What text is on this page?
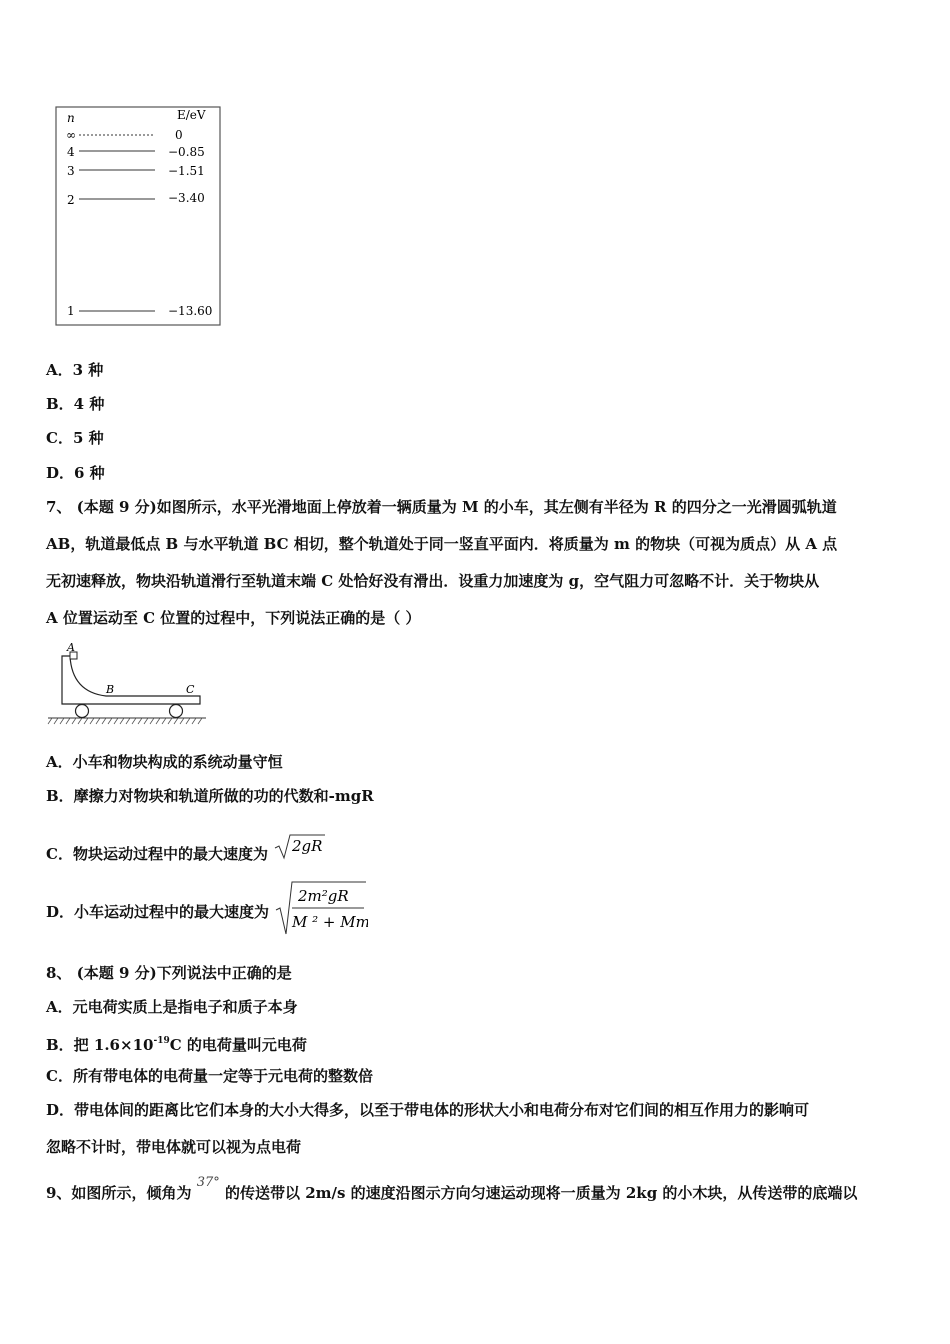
n	E/eV
∞	0
4	−0.85
3	−1.51
2	−3.40
1	−13.60
A．3 种
B．4 种
C．5 种
D．6 种
7、 (本题 9 分)如图所示，水平光滑地面上停放着一辆质量为 M 的小车，其左侧有半径为 R 的四分之一光滑圆弧轨道
AB，轨道最低点 B 与水平轨道 BC 相切，整个轨道处于同一竖直平面内．将质量为 m 的物块（可视为质点）从 A 点
无初速释放，物块沿轨道滑行至轨道末端 C 处恰好没有滑出．设重力加速度为 g，空气阻力可忽略不计．关于物块从
A 位置运动至 C 位置的过程中，下列说法正确的是（ ）
A
B	C
A．小车和物块构成的系统动量守恒
B．摩擦力对物块和轨道所做的功的代数和-mgR
C．物块运动过程中的最大速度为 2gR
D．小车运动过程中的最大速度为
2m²gR
M ² + Mm
8、 (本题 9 分)下列说法中正确的是
A．元电荷实质上是指电子和质子本身
B．把 $1.6\times 10^{-19}C$ 的电荷量叫元电荷
C．所有带电体的电荷量一定等于元电荷的整数倍
D．带电体间的距离比它们本身的大小大得多，以至于带电体的形状大小和电荷分布对它们间的相互作用力的影响可
忽略不计时，带电体就可以视为点电荷
9、如图所示，倾角为 37° 的传送带以 2m/s 的速度沿图示方向匀速运动现将一质量为 2kg 的小木块，从传送带的底端以
